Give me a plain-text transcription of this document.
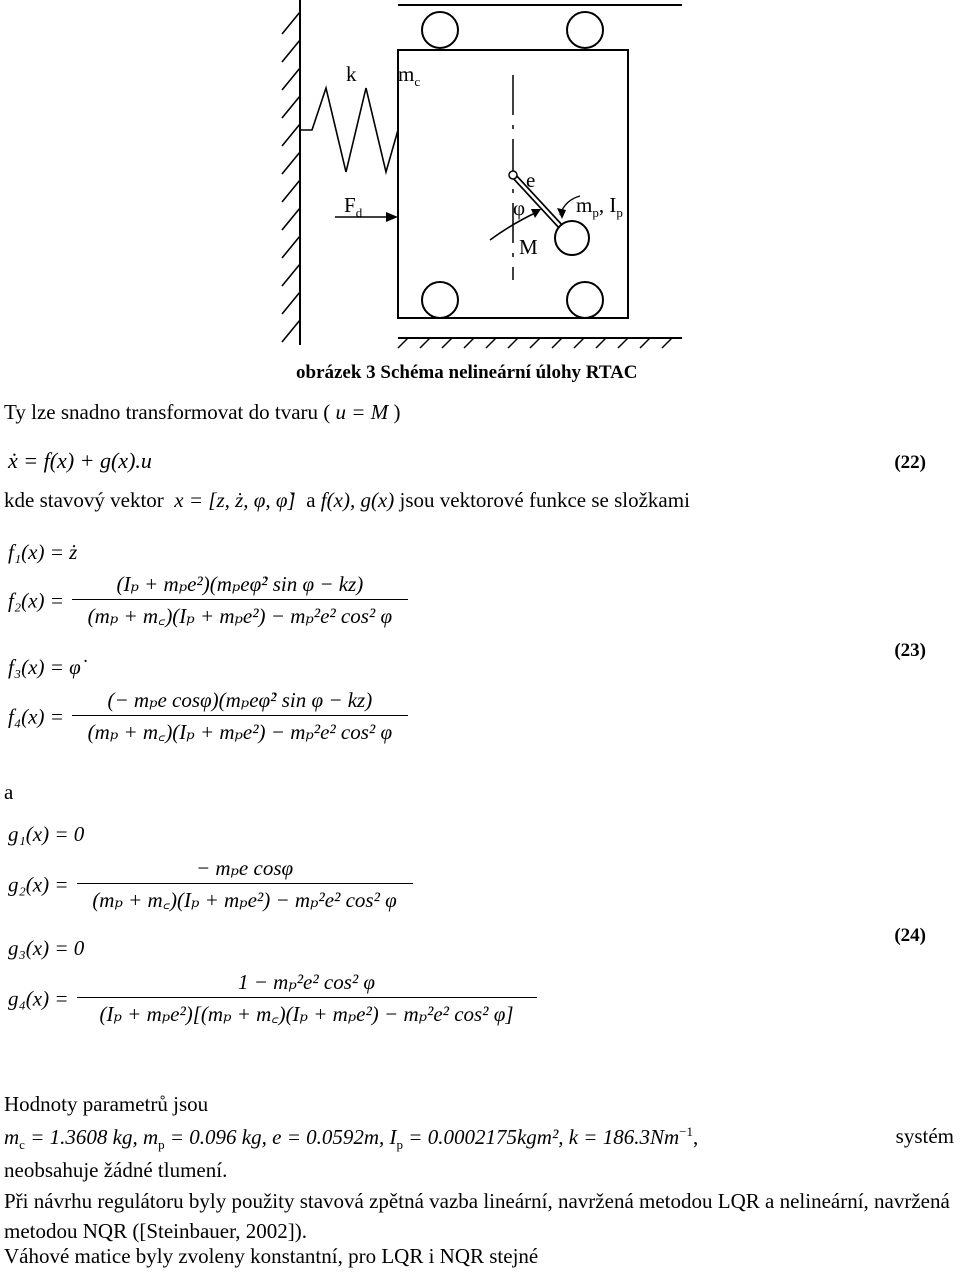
k $m_c$
$F_d$
e
φ $m_p$, $I_p$
M
obrázek 3 Schéma nelineární úlohy RTAC
Ty lze snadno transformovat do tvaru ( u = M )
ẋ = f(x) + g(x).u	(22)
kde stavový vektor x = [z, ż, φ, φ̇] a f(x), g(x) jsou vektorové funkce se složkami
f₁(x) = ż
$f_2(x) = \frac{\text{(Iₚ + mₚe²)(mₚeφ̇² sin φ − kz)}}{\text{(mₚ + m꜀)(Iₚ + mₚe²) − mₚ²e² cos² φ}}$
f₃(x) = φ̇
(23)
$f_4(x) = \frac{\text{(− mₚe cosφ)(mₚeφ̇² sin φ − kz)}}{\text{(mₚ + m꜀)(Iₚ + mₚe²) − mₚ²e² cos² φ}}$
a
g₁(x) = 0
$g_2(x) = \frac{\text{− mₚe cosφ}}{\text{(mₚ + m꜀)(Iₚ + mₚe²) − mₚ²e² cos² φ}}$
g₃(x) = 0
(24)
$g_4(x) = \frac{\text{1 − mₚ²e² cos² φ}}{\text{(Iₚ + mₚe²)[(mₚ + m꜀)(Iₚ + mₚe²) − mₚ²e² cos² φ]}}$
Hodnoty parametrů jsou
$m_c = 1.3608$ kg, $m_p = 0.096$ kg, e = 0.0592m, $I_p = 0.0002175kgm^2$, $k = 186.3Nm^{-1}$,	systém
neobsahuje žádné tlumení.
Při návrhu regulátoru byly použity stavová zpětná vazba lineární, navržená metodou LQR a nelineární, navržená metodou NQR ([Steinbauer, 2002]).
Váhové matice byly zvoleny konstantní, pro LQR i NQR stejné
